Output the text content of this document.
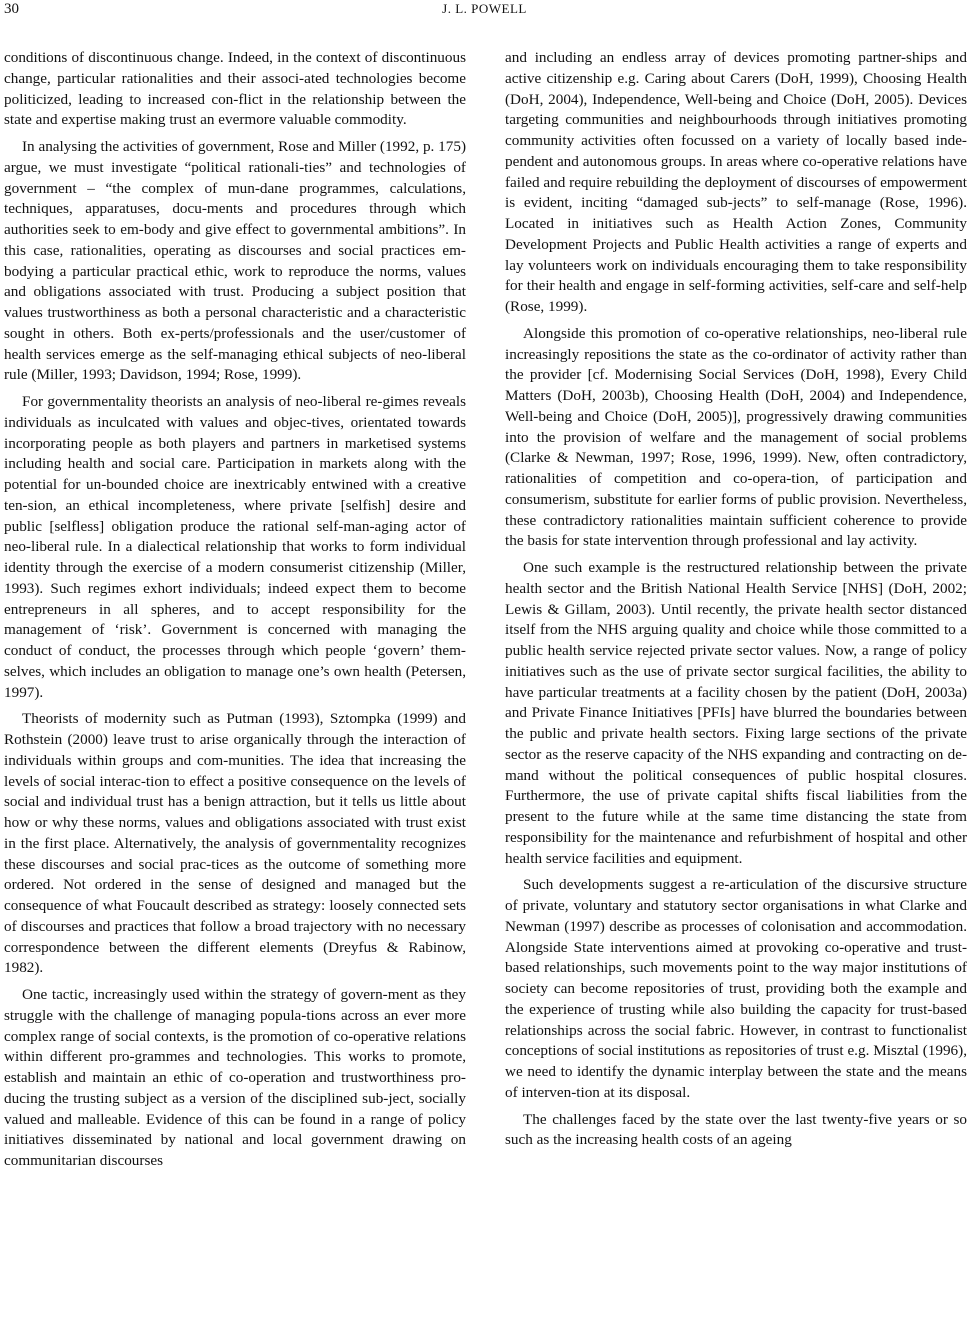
30	J. L. POWELL

conditions of discontinuous change. Indeed, in the context of discontinuous change, particular rationalities and their associ-ated technologies become politicized, leading to increased con-flict in the relationship between the state and expertise making trust an evermore valuable commodity.

In analysing the activities of government, Rose and Miller (1992, p. 175) argue, we must investigate “political rationali-ties” and technologies of government – “the complex of mun-dane programmes, calculations, techniques, apparatuses, docu-ments and procedures through which authorities seek to em-body and give effect to governmental ambitions”. In this case, rationalities, operating as discourses and social practices em-bodying a particular practical ethic, work to reproduce the norms, values and obligations associated with trust. Producing a subject position that values trustworthiness as both a personal characteristic and a characteristic sought in others. Both ex-perts/professionals and the user/customer of health services emerge as the self-managing ethical subjects of neo-liberal rule (Miller, 1993; Davidson, 1994; Rose, 1999).

For governmentality theorists an analysis of neo-liberal re-gimes reveals individuals as inculcated with values and objec-tives, orientated towards incorporating people as both players and partners in marketised systems including health and social care. Participation in markets along with the potential for un-bounded choice are inextricably entwined with a creative ten-sion, an ethical incompleteness, where private [selfish] desire and public [selfless] obligation produce the rational self-man-aging actor of neo-liberal rule. In a dialectical relationship that works to form individual identity through the exercise of a modern consumerist citizenship (Miller, 1993). Such regimes exhort individuals; indeed expect them to become entrepreneurs in all spheres, and to accept responsibility for the management of ‘risk’. Government is concerned with managing the conduct of conduct, the processes through which people ‘govern’ them-selves, which includes an obligation to manage one’s own health (Petersen, 1997).

Theorists of modernity such as Putman (1993), Sztompka (1999) and Rothstein (2000) leave trust to arise organically through the interaction of individuals within groups and com-munities. The idea that increasing the levels of social interac-tion to effect a positive consequence on the levels of social and individual trust has a benign attraction, but it tells us little about how or why these norms, values and obligations associated with trust exist in the first place. Alternatively, the analysis of governmentality recognizes these discourses and social prac-tices as the outcome of something more ordered. Not ordered in the sense of designed and managed but the consequence of what Foucault described as strategy: loosely connected sets of discourses and practices that follow a broad trajectory with no necessary correspondence between the different elements (Dreyfus & Rabinow, 1982).

One tactic, increasingly used within the strategy of govern-ment as they struggle with the challenge of managing popula-tions across an ever more complex range of social contexts, is the promotion of co-operative relations within different pro-grammes and technologies. This works to promote, establish and maintain an ethic of co-operation and trustworthiness pro-ducing the trusting subject as a version of the disciplined sub-ject, socially valued and malleable. Evidence of this can be found in a range of policy initiatives disseminated by national and local government drawing on communitarian discourses

and including an endless array of devices promoting partner-ships and active citizenship e.g. Caring about Carers (DoH, 1999), Choosing Health (DoH, 2004), Independence, Well-being and Choice (DoH, 2005). Devices targeting communities and neighbourhoods through initiatives promoting community activities often focussed on a variety of locally based inde-pendent and autonomous groups. In areas where co-operative relations have failed and require rebuilding the deployment of discourses of empowerment is evident, inciting “damaged sub-jects” to self-manage (Rose, 1996). Located in initiatives such as Health Action Zones, Community Development Projects and Public Health activities a range of experts and lay volunteers work on individuals encouraging them to take responsibility for their health and engage in self-forming activities, self-care and self-help (Rose, 1999).

Alongside this promotion of co-operative relationships, neo-liberal rule increasingly repositions the state as the co-ordinator of activity rather than the provider [cf. Modernising Social Services (DoH, 1998), Every Child Matters (DoH, 2003b), Choosing Health (DoH, 2004) and Independence, Well-being and Choice (DoH, 2005)], progressively drawing communities into the provision of welfare and the management of social problems (Clarke & Newman, 1997; Rose, 1996, 1999). New, often contradictory, rationalities of competition and co-opera-tion, of participation and consumerism, substitute for earlier forms of public provision. Nevertheless, these contradictory rationalities maintain sufficient coherence to provide the basis for state intervention through professional and lay activity.

One such example is the restructured relationship between the private health sector and the British National Health Service [NHS] (DoH, 2002; Lewis & Gillam, 2003). Until recently, the private health sector distanced itself from the NHS arguing quality and choice while those committed to a public health service rejected private sector values. Now, a range of policy initiatives such as the use of private sector surgical facilities, the ability to have particular treatments at a facility chosen by the patient (DoH, 2003a) and Private Finance Initiatives [PFIs] have blurred the boundaries between the public and private health sectors. Fixing large sections of the private sector as the reserve capacity of the NHS expanding and contracting on de-mand without the political consequences of public hospital closures. Furthermore, the use of private capital shifts fiscal liabilities from the present to the future while at the same time distancing the state from responsibility for the maintenance and refurbishment of hospital and other health service facilities and equipment.

Such developments suggest a re-articulation of the discursive structure of private, voluntary and statutory sector organisations in what Clarke and Newman (1997) describe as processes of colonisation and accommodation. Alongside State interventions aimed at provoking co-operative and trust-based relationships, such movements point to the way major institutions of society can become repositories of trust, providing both the example and the experience of trusting while also building the capacity for trust-based relationships across the social fabric. However, in contrast to functionalist conceptions of social institutions as repositories of trust e.g. Misztal (1996), we need to identify the dynamic interplay between the state and the means of interven-tion at its disposal.

The challenges faced by the state over the last twenty-five years or so such as the increasing health costs of an ageing
